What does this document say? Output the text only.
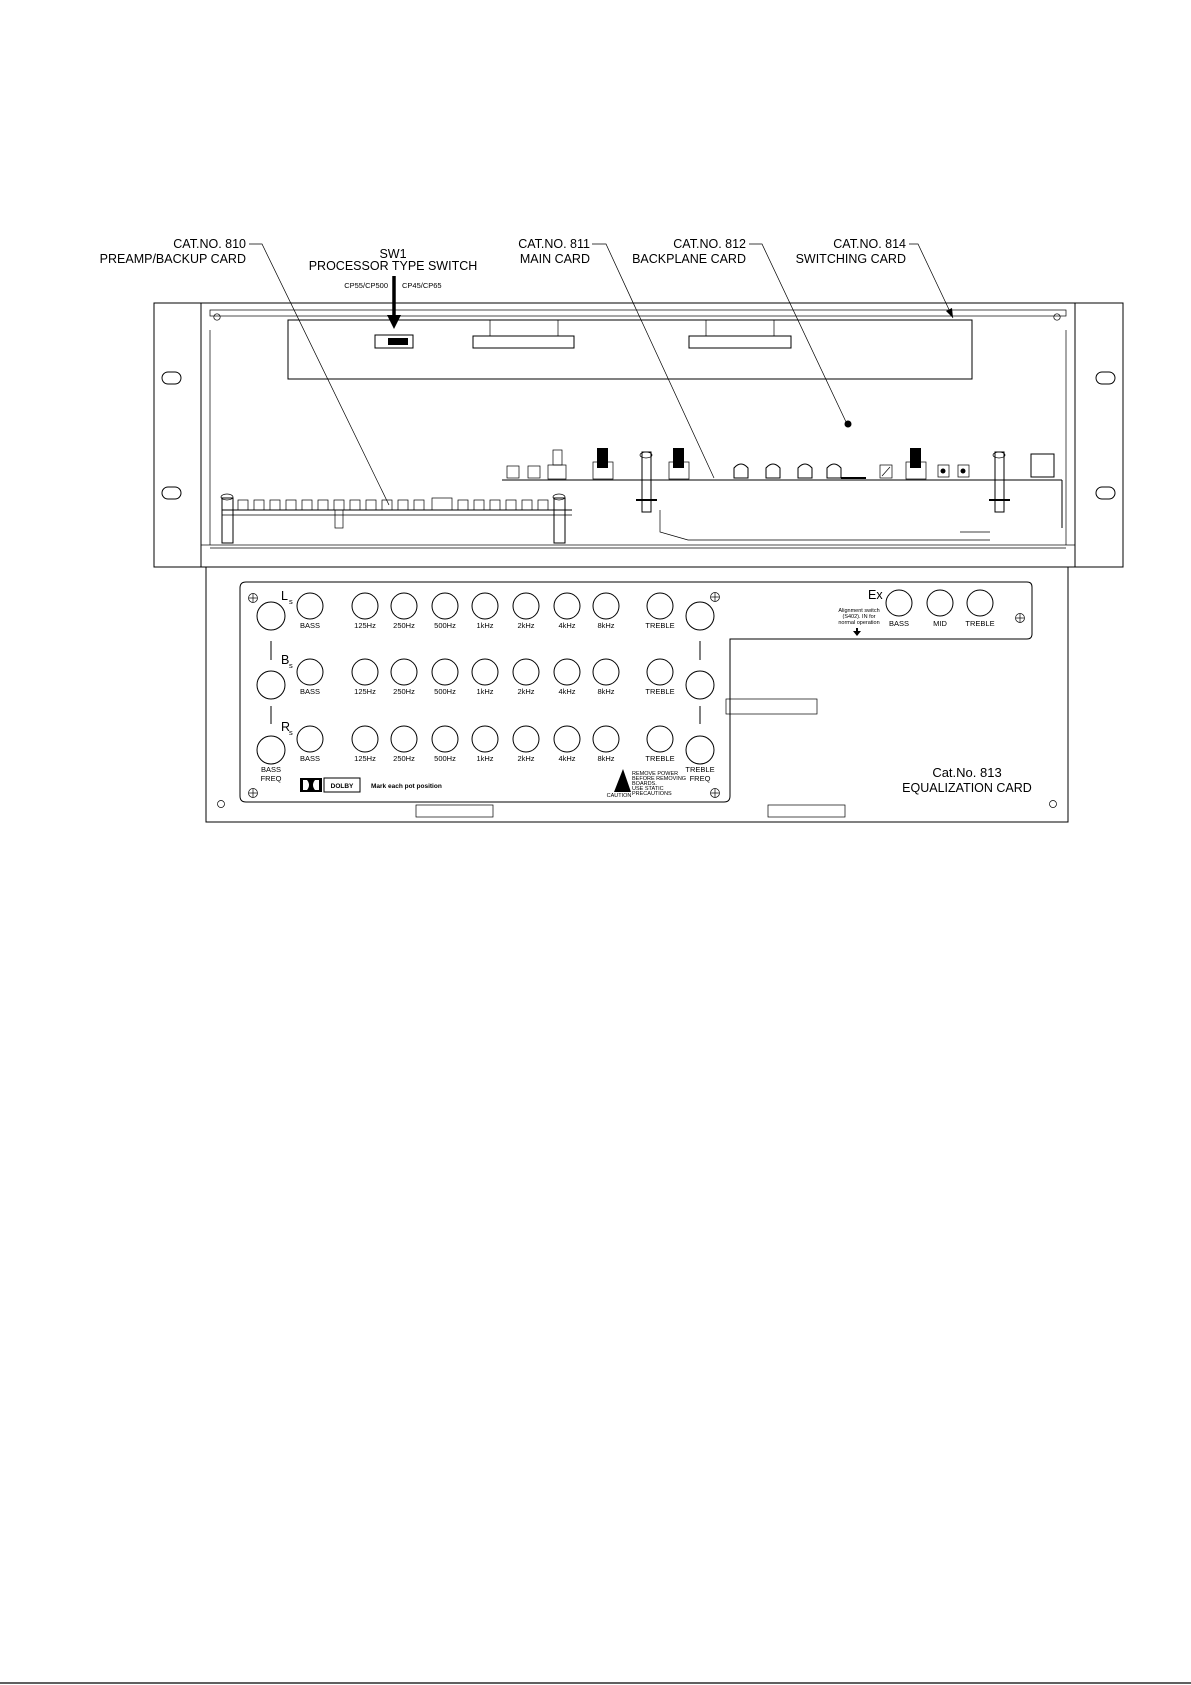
CAT.NO. 810
PREAMP/BACKUP CARD	SW1
PROCESSOR TYPE SWITCH
CP55/CP500 CP45/CP65
CAT.NO. 811
MAIN CARD
CAT.NO. 812
BACKPLANE CARD
CAT.NO. 814
SWITCHING CARD
L s
BASS	125Hz 250Hz	500Hz	1kHz	2kHz	4kHz	8kHz	TREBLE
B s
BASS	125Hz 250Hz	500Hz	1kHz	2kHz	4kHz	8kHz	TREBLE
R
s
BASS	125Hz 250Hz	500Hz	1kHz	2kHz	4kHz	8kHz	TREBLE
BASS
FREQ
TREBLE
FREQ
DOLBY	Mark each pot position
CAUTION
REMOVE POWER
BEFORE REMOVING
BOARDS.
USE STATIC
PRECAUTIONS
Ex
Alignment switch
(S402). IN for
normal operation BASS	MID TREBLE
Cat.No. 813
EQUALIZATION CARD
